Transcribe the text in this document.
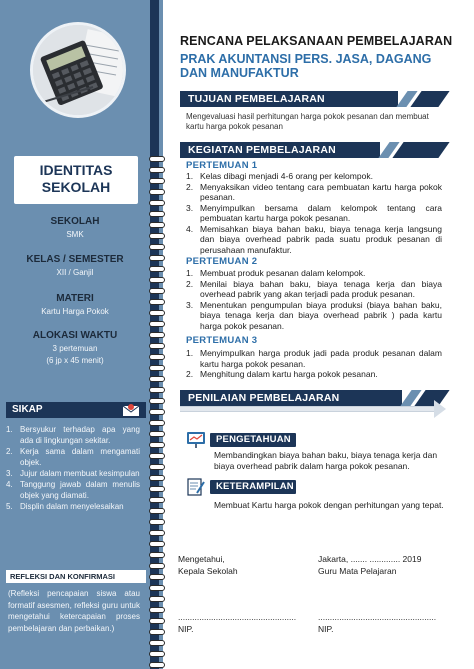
IDENTITAS
SEKOLAH
SEKOLAH
SMK
KELAS / SEMESTER
XII / Ganjil
MATERI
Kartu Harga Pokok
ALOKASI WAKTU
3 pertemuan
(6 jp x 45 menit)
SIKAP
1. Bersyukur terhadap apa yang ada di lingkungan sekitar.
2. Kerja sama dalam mengamati objek.
3. Jujur dalam membuat kesimpulan
4. Tanggung jawab dalam menulis objek yang diamati.
5. Displin dalam menyelesaikan
REFLEKSI DAN KONFIRMASI
(Refleksi pencapaian siswa atau formatif asesmen, refleksi guru untuk mengetahui ketercapaian proses pembelajaran dan perbaikan.)
RENCANA PELAKSANAAN PEMBELAJARAN
PRAK AKUNTANSI PERS. JASA, DAGANG
DAN MANUFAKTUR
TUJUAN PEMBELAJARAN
Mengevaluasi hasil perhitungan harga pokok pesanan dan membuat kartu harga pokok pesanan
KEGIATAN PEMBELAJARAN
PERTEMUAN 1
1. Kelas dibagi menjadi 4-6 orang per kelompok.
2. Menyaksikan video tentang cara pembuatan kartu harga pokok pesanan.
3. Menyimpulkan bersama dalam kelompok tentang cara pembuatan kartu harga pokok pesanan.
4. Memisahkan biaya bahan baku, biaya tenaga kerja langsung dan biaya overhead pabrik pada suatu produk pesanan di perusahaan manufaktur.
PERTEMUAN 2
1. Membuat produk pesanan dalam kelompok.
2. Menilai biaya bahan baku, biaya tenaga kerja dan biaya overhead pabrik yang akan terjadi pada produk pesanan.
3. Menentukan pengumpulan biaya produksi (biaya bahan baku, biaya tenaga kerja dan biaya overhead pabrik ) pada kartu harga pokok pesanan.
PERTEMUAN 3
1. Menyimpulkan harga produk jadi pada produk pesanan dalam kartu harga pokok pesanan.
2. Menghitung dalam kartu harga pokok pesanan.
PENILAIAN PEMBELAJARAN
PENGETAHUAN
Membandingkan biaya bahan baku, biaya tenaga kerja dan biaya overhead pabrik dalam harga pokok pesanan.
KETERAMPILAN
Membuat Kartu harga pokok dengan perhitungan yang tepat.
Mengetahui,
Kepala Sekolah
Jakarta, ....... ............. 2019
Guru Mata Pelajaran
..................................................	..................................................
NIP.	NIP.
